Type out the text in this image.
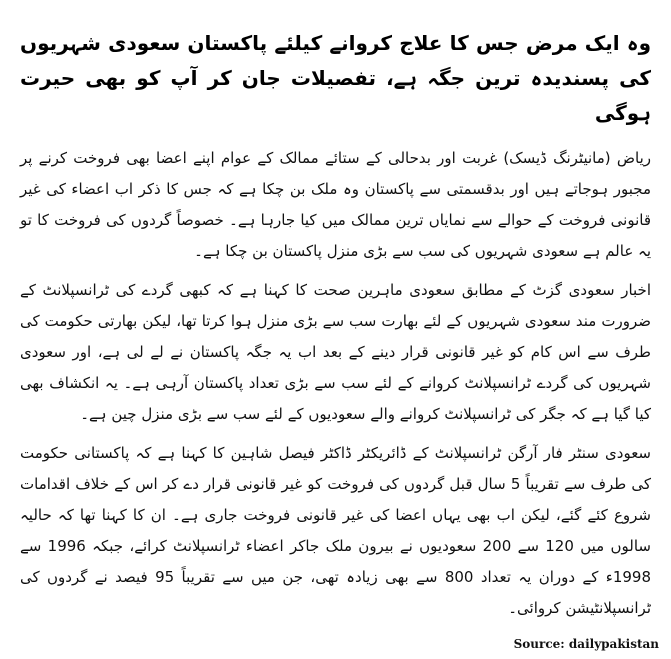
وہ ایک مرض جس کا علاج کروانے کیلئے پاکستان سعودی شہریوں کی پسندیدہ ترین جگہ ہے، تفصیلات جان کر آپ کو بھی حیرت ہوگی
ریاض (مانیٹرنگ ڈیسک) غربت اور بدحالی کے ستائے ممالک کے عوام اپنے اعضا بھی فروخت کرنے پر مجبور ہوجاتے ہیں اور بدقسمتی سے پاکستان وہ ملک بن چکا ہے کہ جس کا ذکر اب اعضاء کی غیر قانونی فروخت کے حوالے سے نمایاں ترین ممالک میں کیا جارہا ہے۔ خصوصاً گردوں کی فروخت کا تو یہ عالم ہے سعودی شہریوں کی سب سے بڑی منزل پاکستان بن چکا ہے۔
اخبار سعودی گزٹ کے مطابق سعودی ماہرین صحت کا کہنا ہے کہ کبھی گردے کی ٹرانسپلانٹ کے ضرورت مند سعودی شہریوں کے لئے بھارت سب سے بڑی منزل ہوا کرتا تھا، لیکن بھارتی حکومت کی طرف سے اس کام کو غیر قانونی قرار دینے کے بعد اب یہ جگہ پاکستان نے لے لی ہے، اور سعودی شہریوں کی گردے ٹرانسپلانٹ کروانے کے لئے سب سے بڑی تعداد پاکستان آرہی ہے۔ یہ انکشاف بھی کیا گیا ہے کہ جگر کی ٹرانسپلانٹ کروانے والے سعودیوں کے لئے سب سے بڑی منزل چین ہے۔
سعودی سنٹر فار آرگن ٹرانسپلانٹ کے ڈائریکٹر ڈاکٹر فیصل شاہین کا کہنا ہے کہ پاکستانی حکومت کی طرف سے تقریباً 5 سال قبل گردوں کی فروخت کو غیر قانونی قرار دے کر اس کے خلاف اقدامات شروع کئے گئے، لیکن اب بھی یہاں اعضا کی غیر قانونی فروخت جاری ہے۔ ان کا کہنا تھا کہ حالیہ سالوں میں 120 سے 200 سعودیوں نے بیرون ملک جاکر اعضاء ٹرانسپلانٹ کرائے، جبکہ 1996 سے 1998ء کے دوران یہ تعداد 800 سے بھی زیادہ تھی، جن میں سے تقریباً 95 فیصد نے گردوں کی ٹرانسپلانٹیشن کروائی۔
Source: dailypakistan
